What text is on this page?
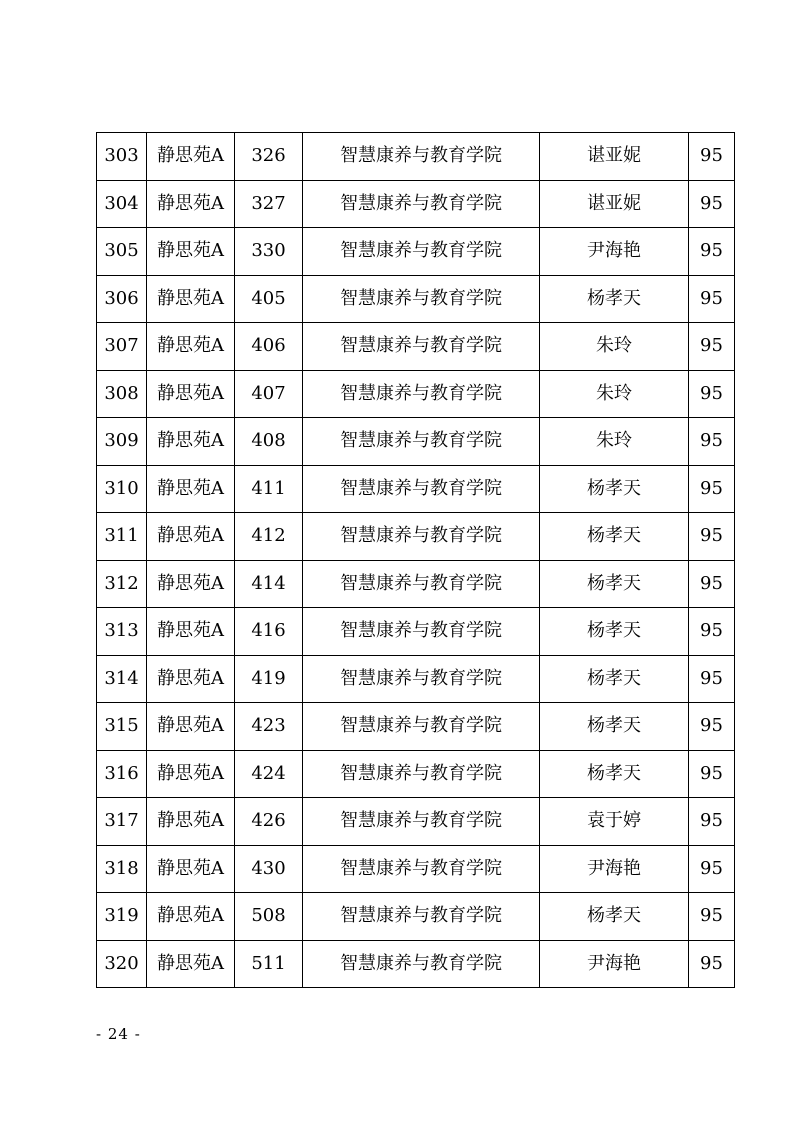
303	静思苑A	326	智慧康养与教育学院	谌亚妮	95
304	静思苑A	327	智慧康养与教育学院	谌亚妮	95
305	静思苑A	330	智慧康养与教育学院	尹海艳	95
306	静思苑A	405	智慧康养与教育学院	杨孝天	95
307	静思苑A	406	智慧康养与教育学院	朱玲	95
308	静思苑A	407	智慧康养与教育学院	朱玲	95
309	静思苑A	408	智慧康养与教育学院	朱玲	95
310	静思苑A	411	智慧康养与教育学院	杨孝天	95
311	静思苑A	412	智慧康养与教育学院	杨孝天	95
312	静思苑A	414	智慧康养与教育学院	杨孝天	95
313	静思苑A	416	智慧康养与教育学院	杨孝天	95
314	静思苑A	419	智慧康养与教育学院	杨孝天	95
315	静思苑A	423	智慧康养与教育学院	杨孝天	95
316	静思苑A	424	智慧康养与教育学院	杨孝天	95
317	静思苑A	426	智慧康养与教育学院	袁于婷	95
318	静思苑A	430	智慧康养与教育学院	尹海艳	95
319	静思苑A	508	智慧康养与教育学院	杨孝天	95
320	静思苑A	511	智慧康养与教育学院	尹海艳	95
- 24 -
